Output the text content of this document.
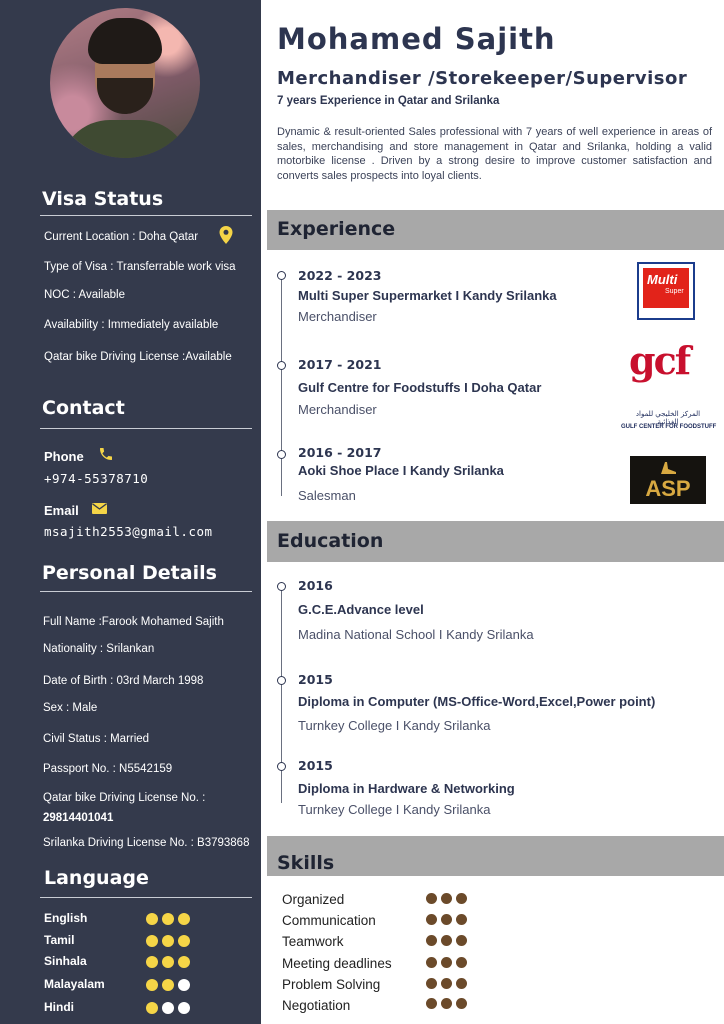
Visa Status
Current Location : Doha Qatar
Type of Visa : Transferrable work visa
NOC : Available
Availability : Immediately available
Qatar bike Driving License :Available
Contact
Phone
+974-55378710
Email
msajith2553@gmail.com
Personal Details
Full Name :Farook Mohamed Sajith
Nationality : Srilankan
Date of Birth : 03rd March 1998
Sex : Male
Civil Status : Married
Passport No. : N5542159
Qatar bike Driving License No. :
29814401041
Srilanka Driving License No. : B3793868
Language
English
Tamil
Sinhala
Malayalam
Hindi
Mohamed Sajith
Merchandiser /Storekeeper/Supervisor
7 years Experience in Qatar and Srilanka
Dynamic & result-oriented Sales professional with 7 years of well experience in areas of sales, merchandising and store management in Qatar and Srilanka, holding a valid motorbike license . Driven by a strong desire to improve customer satisfaction and converts sales prospects into loyal clients.
Experience
2022 - 2023
Multi Super Supermarket I Kandy Srilanka
Merchandiser
Multi
Super
2017 - 2021
Gulf Centre for Foodstuffs I Doha Qatar
Merchandiser
gcf
المركز الخليجي للمواد الغذائية
GULF CENTER FOR FOODSTUFF
2016 - 2017
Aoki Shoe Place I Kandy Srilanka
Salesman	ASP
Education
2016
G.C.E.Advance level
Madina National School I Kandy Srilanka
2015
Diploma in Computer (MS-Office-Word,Excel,Power point)
Turnkey College I Kandy Srilanka
2015
Diploma in Hardware & Networking
Turnkey College I Kandy Srilanka
Skills
Organized
Communication
Teamwork
Meeting deadlines
Problem Solving
Negotiation
